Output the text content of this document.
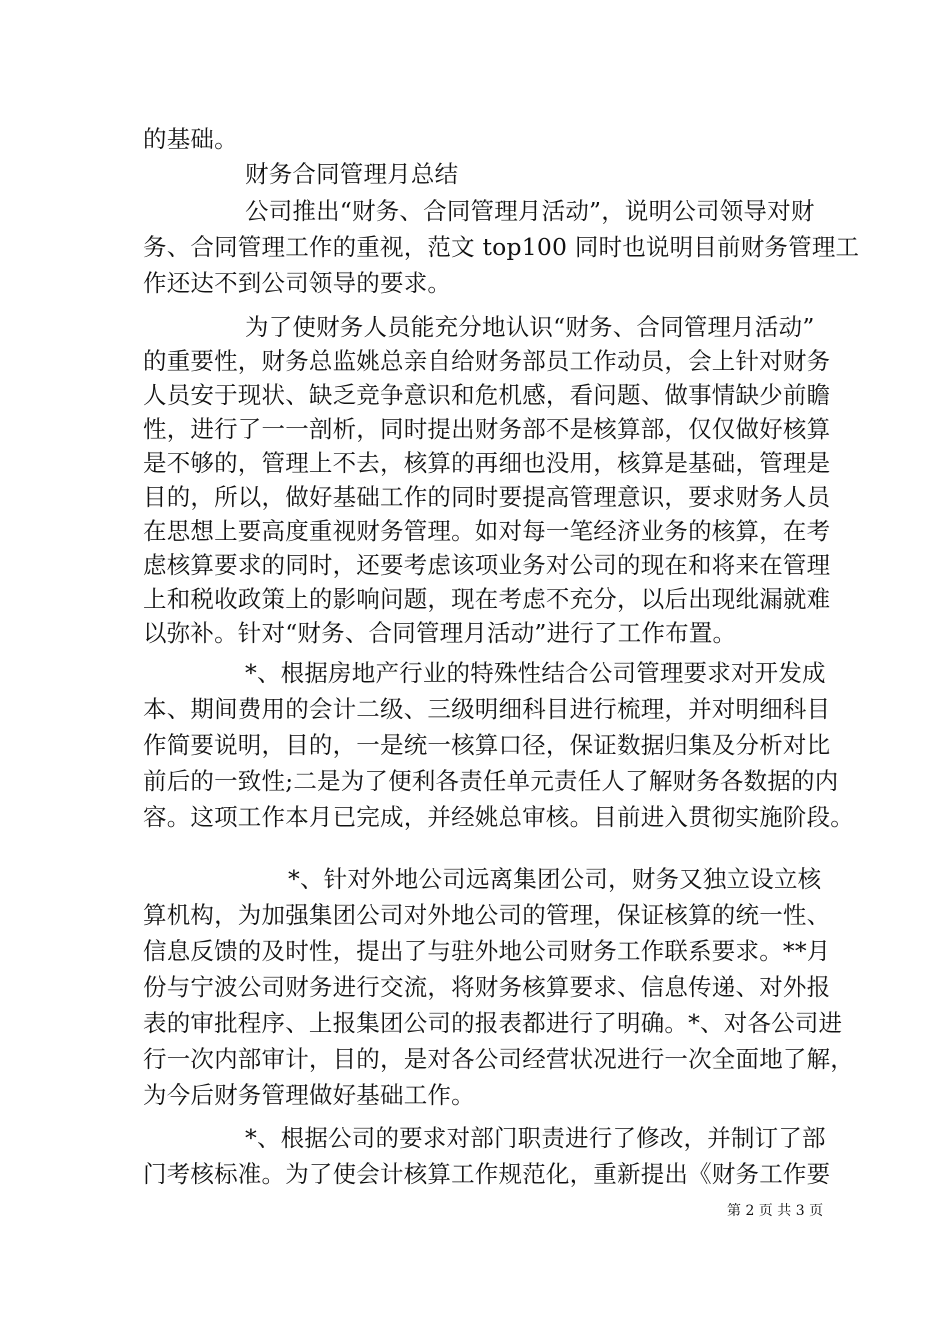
的基础。
财务合同管理月总结
公司推出“财务、合同管理月活动”，说明公司领导对财
务、合同管理工作的重视，范文 top100 同时也说明目前财务管理工
作还达不到公司领导的要求。
为了使财务人员能充分地认识“财务、合同管理月活动”
的重要性，财务总监姚总亲自给财务部员工作动员，会上针对财务
人员安于现状、缺乏竞争意识和危机感，看问题、做事情缺少前瞻
性，进行了一一剖析，同时提出财务部不是核算部，仅仅做好核算
是不够的，管理上不去，核算的再细也没用，核算是基础，管理是
目的，所以，做好基础工作的同时要提高管理意识，要求财务人员
在思想上要高度重视财务管理。如对每一笔经济业务的核算，在考
虑核算要求的同时，还要考虑该项业务对公司的现在和将来在管理
上和税收政策上的影响问题，现在考虑不充分，以后出现纰漏就难
以弥补。针对“财务、合同管理月活动”进行了工作布置。
*、根据房地产行业的特殊性结合公司管理要求对开发成
本、期间费用的会计二级、三级明细科目进行梳理，并对明细科目
作简要说明，目的，一是统一核算口径，保证数据归集及分析对比
前后的一致性;二是为了便利各责任单元责任人了解财务各数据的内
容。这项工作本月已完成，并经姚总审核。目前进入贯彻实施阶段。
*、针对外地公司远离集团公司，财务又独立设立核
算机构，为加强集团公司对外地公司的管理，保证核算的统一性、
信息反馈的及时性，提出了与驻外地公司财务工作联系要求。**月
份与宁波公司财务进行交流，将财务核算要求、信息传递、对外报
表的审批程序、上报集团公司的报表都进行了明确。*、对各公司进
行一次内部审计，目的，是对各公司经营状况进行一次全面地了解，
为今后财务管理做好基础工作。
*、根据公司的要求对部门职责进行了修改，并制订了部
门考核标准。为了使会计核算工作规范化，重新提出《财务工作要
第 2 页 共 3 页
